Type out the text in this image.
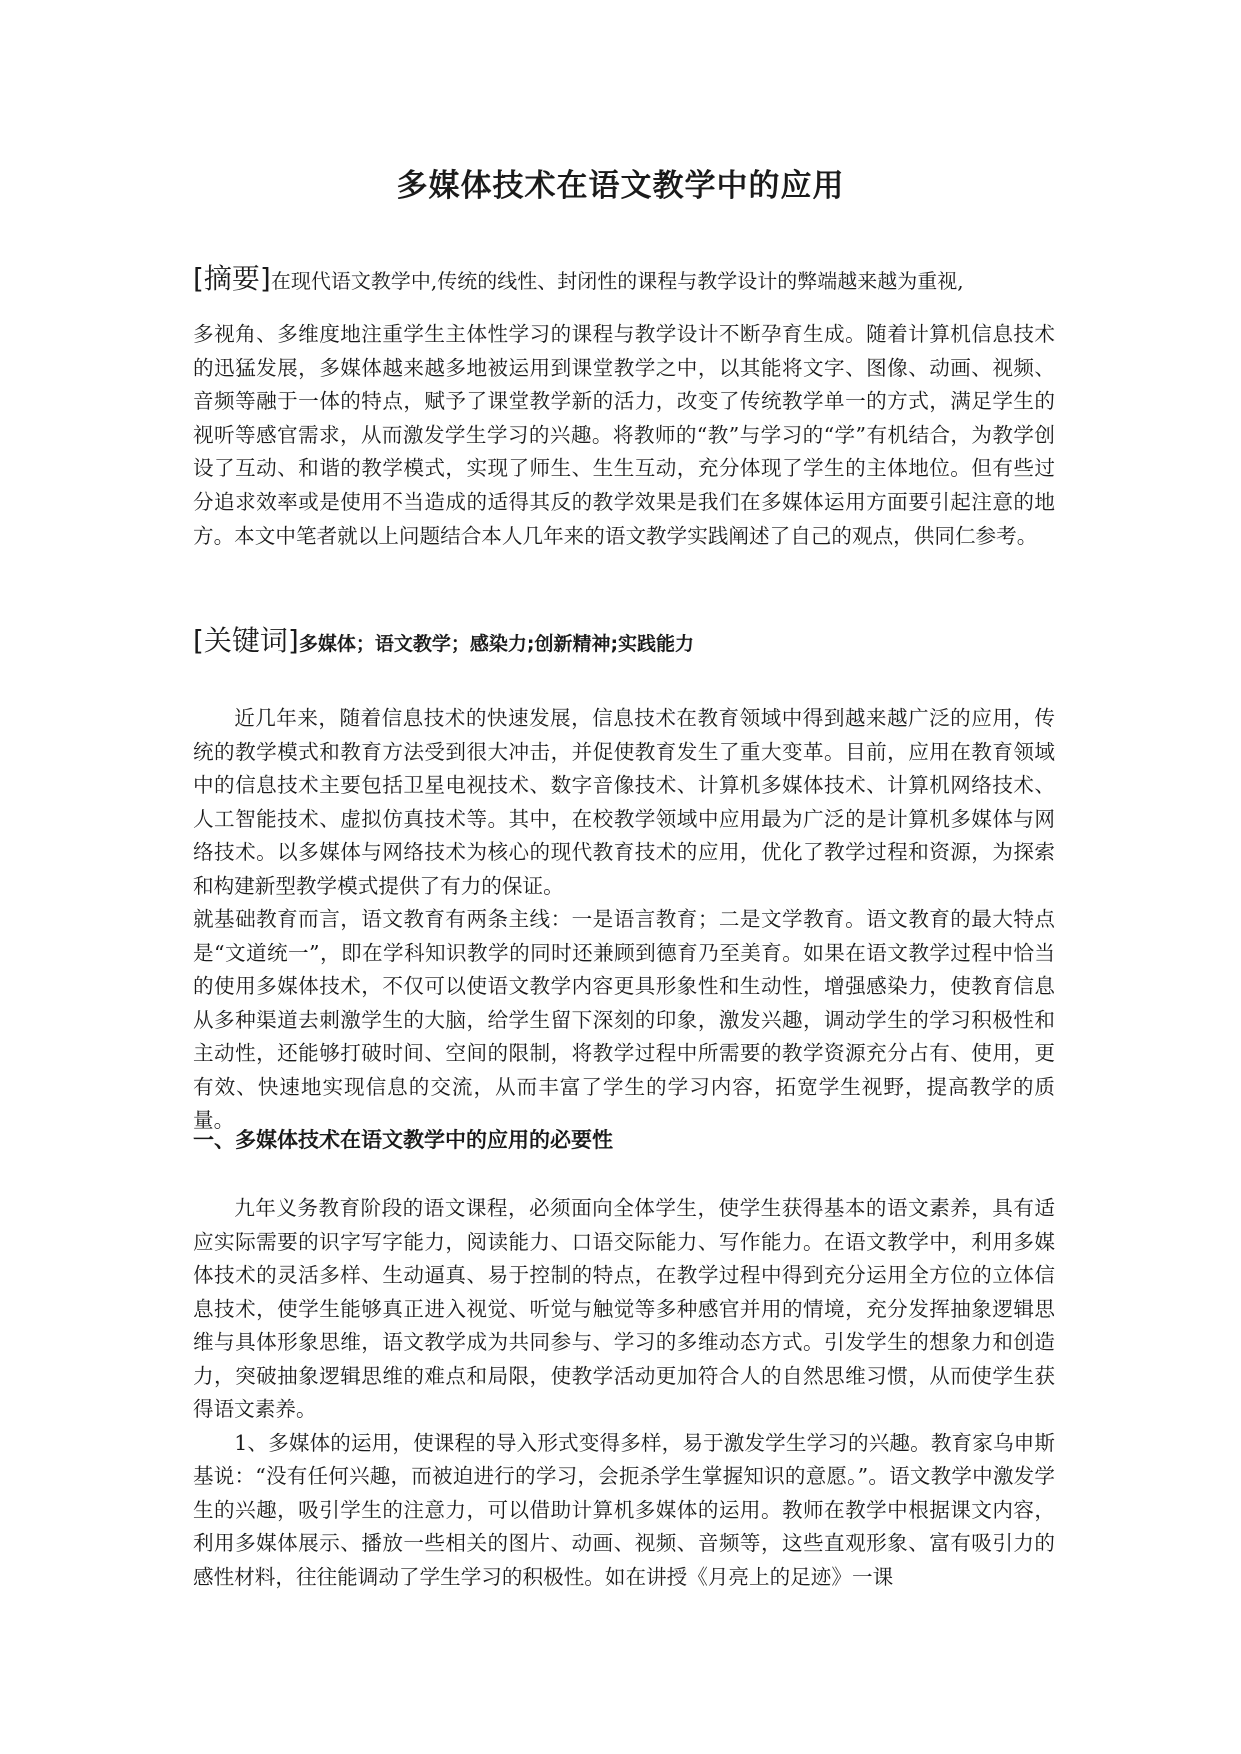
多媒体技术在语文教学中的应用
[摘要]在现代语文教学中,传统的线性、封闭性的课程与教学设计的弊端越来越为重视,
多视角、多维度地注重学生主体性学习的课程与教学设计不断孕育生成。随着计算机信息技术的迅猛发展，多媒体越来越多地被运用到课堂教学之中，以其能将文字、图像、动画、视频、音频等融于一体的特点，赋予了课堂教学新的活力，改变了传统教学单一的方式，满足学生的视听等感官需求，从而激发学生学习的兴趣。将教师的“教”与学习的“学”有机结合，为教学创设了互动、和谐的教学模式，实现了师生、生生互动，充分体现了学生的主体地位。但有些过分追求效率或是使用不当造成的适得其反的教学效果是我们在多媒体运用方面要引起注意的地方。本文中笔者就以上问题结合本人几年来的语文教学实践阐述了自己的观点，供同仁参考。
[关键词]多媒体；语文教学；感染力;创新精神;实践能力

近几年来，随着信息技术的快速发展，信息技术在教育领域中得到越来越广泛的应用，传统的教学模式和教育方法受到很大冲击，并促使教育发生了重大变革。目前，应用在教育领域中的信息技术主要包括卫星电视技术、数字音像技术、计算机多媒体技术、计算机网络技术、人工智能技术、虚拟仿真技术等。其中，在校教学领域中应用最为广泛的是计算机多媒体与网络技术。以多媒体与网络技术为核心的现代教育技术的应用，优化了教学过程和资源，为探索和构建新型教学模式提供了有力的保证。

就基础教育而言，语文教育有两条主线：一是语言教育；二是文学教育。语文教育的最大特点是“文道统一”，即在学科知识教学的同时还兼顾到德育乃至美育。如果在语文教学过程中恰当的使用多媒体技术，不仅可以使语文教学内容更具形象性和生动性，增强感染力，使教育信息从多种渠道去刺激学生的大脑，给学生留下深刻的印象，激发兴趣，调动学生的学习积极性和主动性，还能够打破时间、空间的限制，将教学过程中所需要的教学资源充分占有、使用，更有效、快速地实现信息的交流，从而丰富了学生的学习内容，拓宽学生视野，提高教学的质量。

一、多媒体技术在语文教学中的应用的必要性

九年义务教育阶段的语文课程，必须面向全体学生，使学生获得基本的语文素养，具有适应实际需要的识字写字能力，阅读能力、口语交际能力、写作能力。在语文教学中，利用多媒体技术的灵活多样、生动逼真、易于控制的特点，在教学过程中得到充分运用全方位的立体信息技术，使学生能够真正进入视觉、听觉与触觉等多种感官并用的情境，充分发挥抽象逻辑思维与具体形象思维，语文教学成为共同参与、学习的多维动态方式。引发学生的想象力和创造力，突破抽象逻辑思维的难点和局限，使教学活动更加符合人的自然思维习惯，从而使学生获得语文素养。

1、多媒体的运用，使课程的导入形式变得多样，易于激发学生学习的兴趣。教育家乌申斯基说：“没有任何兴趣，而被迫进行的学习，会扼杀学生掌握知识的意愿。”。语文教学中激发学生的兴趣，吸引学生的注意力，可以借助计算机多媒体的运用。教师在教学中根据课文内容，利用多媒体展示、播放一些相关的图片、动画、视频、音频等，这些直观形象、富有吸引力的感性材料，往往能调动了学生学习的积极性。如在讲授《月亮上的足迹》一课
